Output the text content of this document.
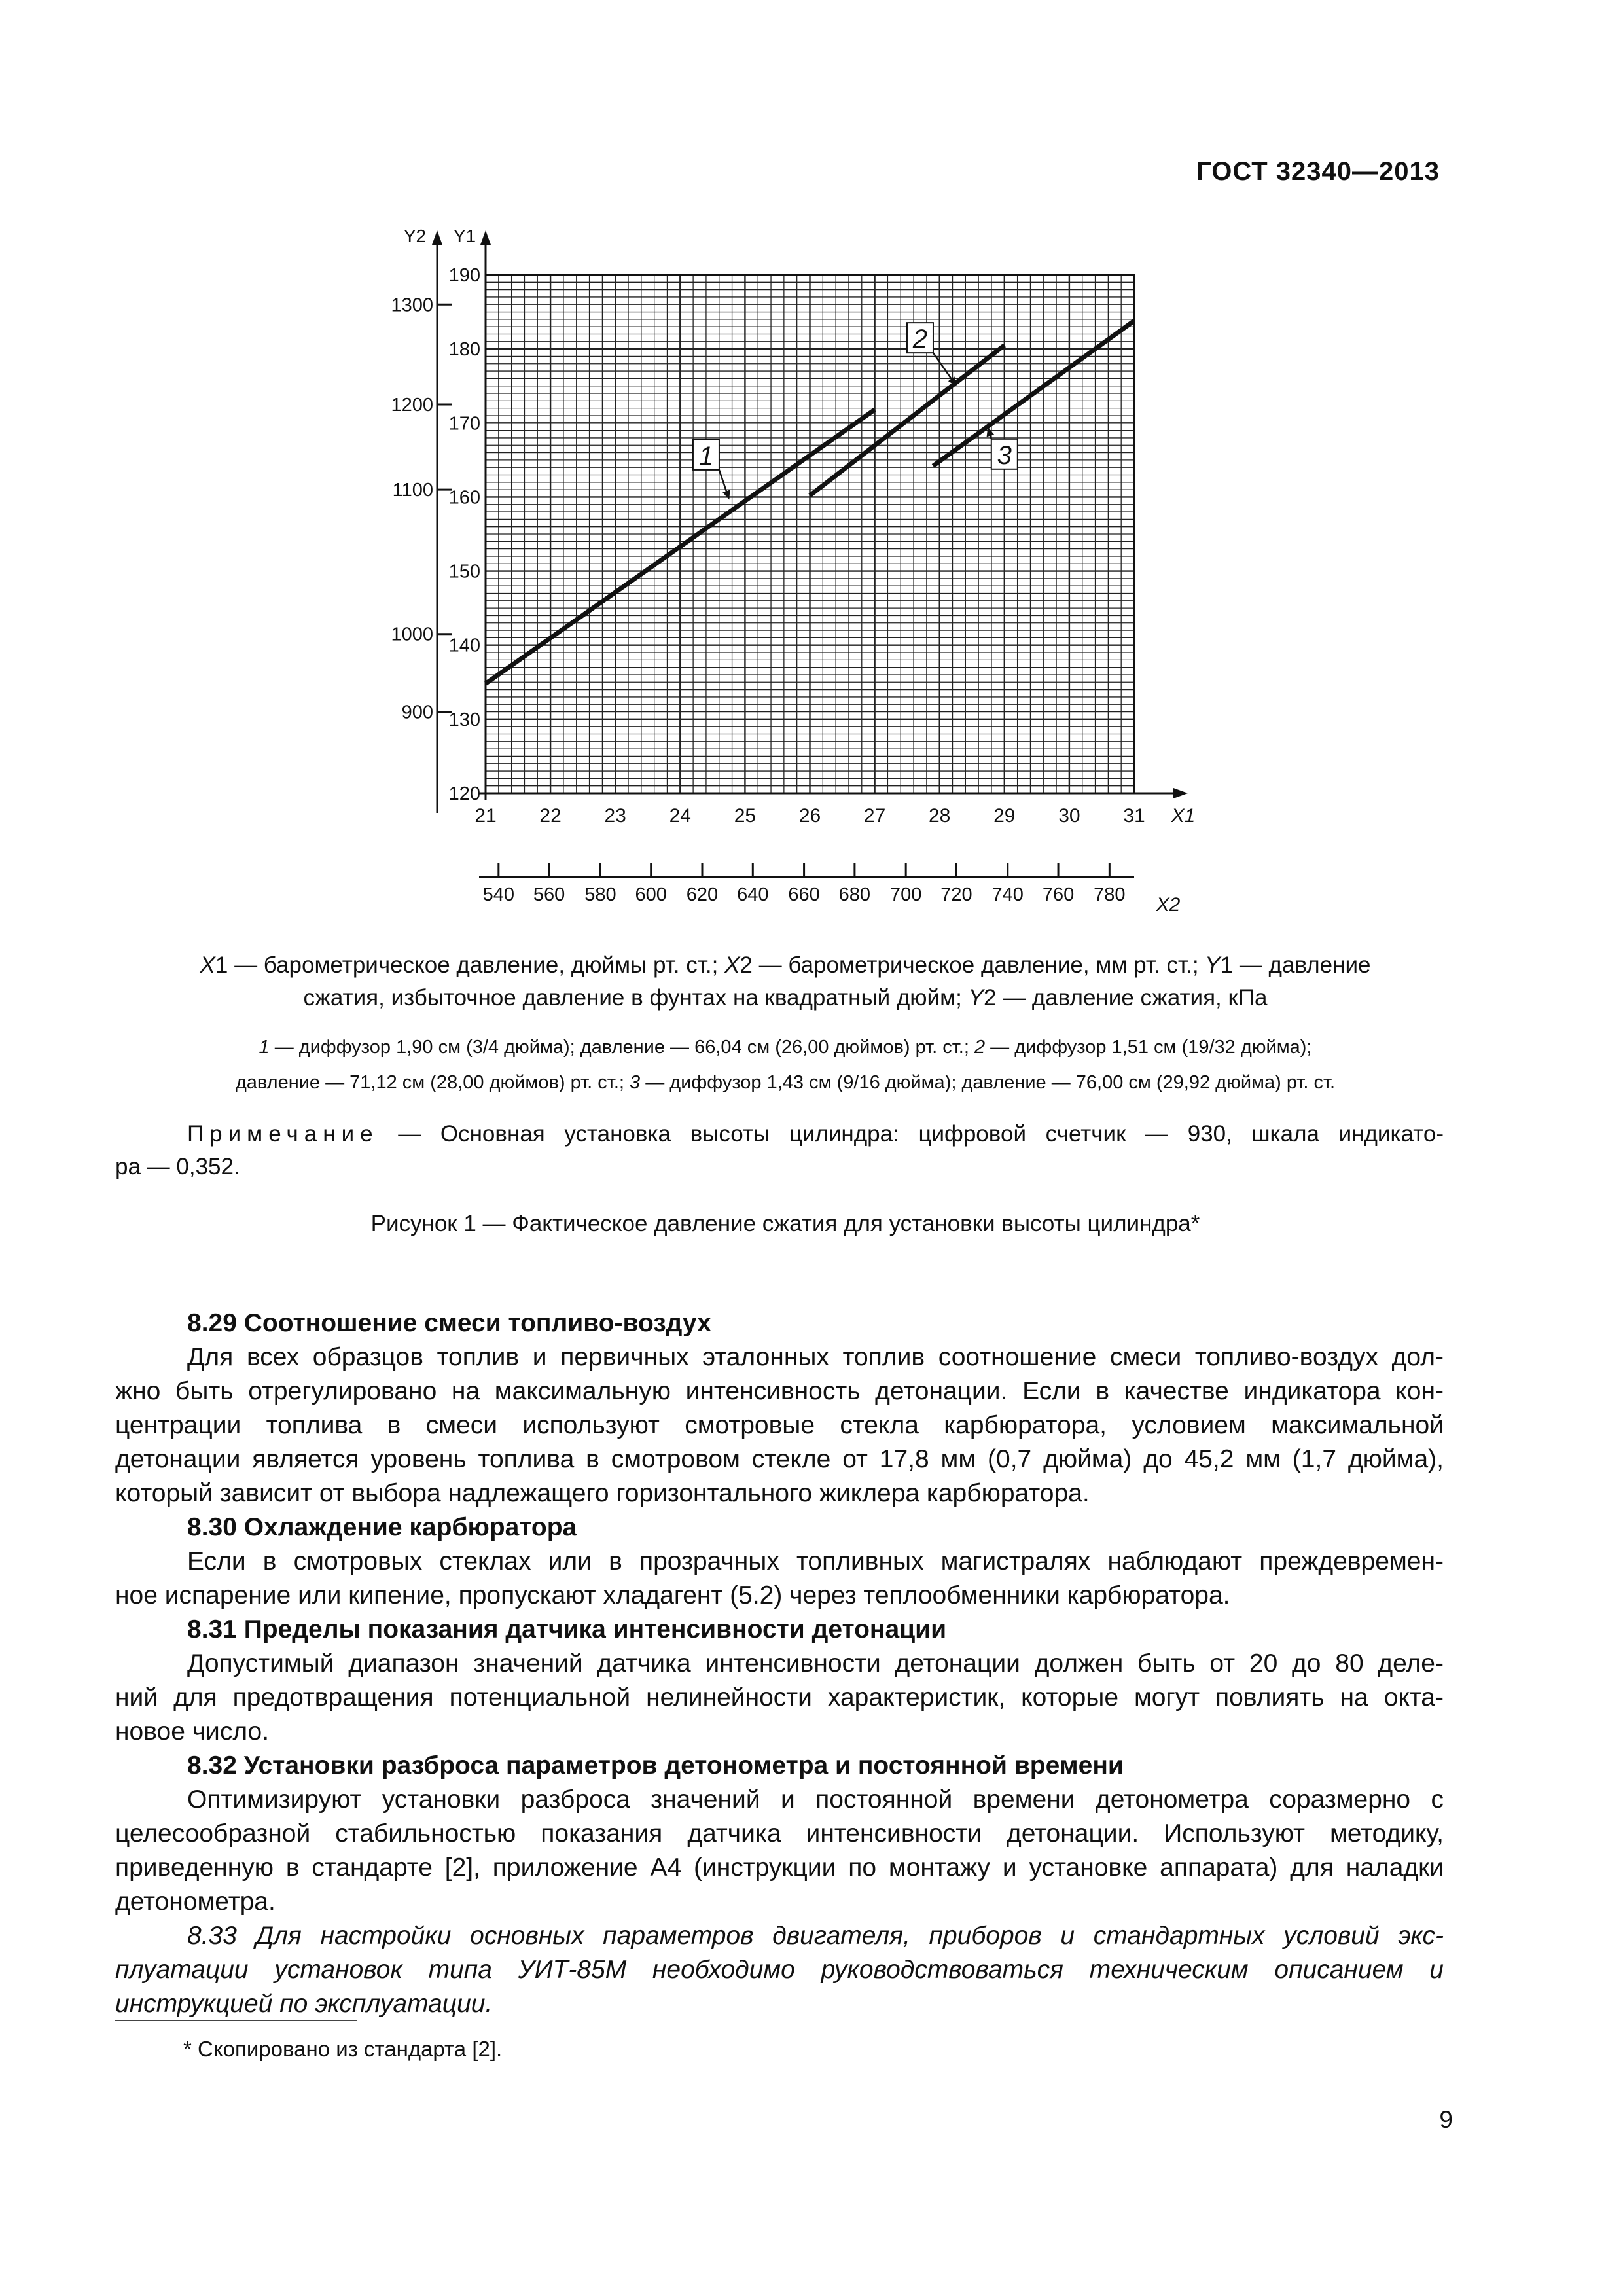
ГОСТ 32340—2013
1
2
3
Y2 Y1
X1
X2
120
130
140
150
160
170
180
190
900
1000
1100
1200
1300
21 22 23 24 25 26 27 28 29 30 31
540 560 580 600 620 640 660 680 700 720 740 760 780
X1 — барометрическое давление, дюймы рт. ст.; X2 — барометрическое давление, мм рт. ст.; Y1 — давление
сжатия, избыточное давление в фунтах на квадратный дюйм; Y2 — давление сжатия, кПа
1 — диффузор 1,90 см (3/4 дюйма); давление — 66,04 см (26,00 дюймов) рт. ст.; 2 — диффузор 1,51 см (19/32 дюйма);
давление — 71,12 см (28,00 дюймов) рт. ст.; 3 — диффузор 1,43 см (9/16 дюйма); давление — 76,00 см (29,92 дюйма) рт. ст.
Примечание — Основная установка высоты цилиндра: цифровой счетчик — 930, шкала индикато-
ра — 0,352.
Рисунок 1 — Фактическое давление сжатия для установки высоты цилиндра*

8.29 Соотношение смеси топливо-воздух

Для всех образцов топлив и первичных эталонных топлив соотношение смеси топливо-воздух дол-
жно быть отрегулировано на максимальную интенсивность детонации. Если в качестве индикатора кон-
центрации топлива в смеси используют смотровые стекла карбюратора, условием максимальной
детонации является уровень топлива в смотровом стекле от 17,8 мм (0,7 дюйма) до 45,2 мм (1,7 дюйма),
который зависит от выбора надлежащего горизонтального жиклера карбюратора.

8.30 Охлаждение карбюратора

Если в смотровых стеклах или в прозрачных топливных магистралях наблюдают преждевремен-
ное испарение или кипение, пропускают хладагент (5.2) через теплообменники карбюратора.

8.31 Пределы показания датчика интенсивности детонации

Допустимый диапазон значений датчика интенсивности детонации должен быть от 20 до 80 деле-
ний для предотвращения потенциальной нелинейности характеристик, которые могут повлиять на окта-
новое число.

8.32 Установки разброса параметров детонометра и постоянной времени

Оптимизируют установки разброса значений и постоянной времени детонометра соразмерно с
целесообразной стабильностью показания датчика интенсивности детонации. Используют методику,
приведенную в стандарте [2], приложение А4 (инструкции по монтажу и установке аппарата) для наладки
детонометра.

8.33 Для настройки основных параметров двигателя, приборов и стандартных условий экс-
плуатации установок типа УИТ-85М необходимо руководствоваться техническим описанием и
инструкцией по эксплуатации.

* Скопировано из стандарта [2].
9
